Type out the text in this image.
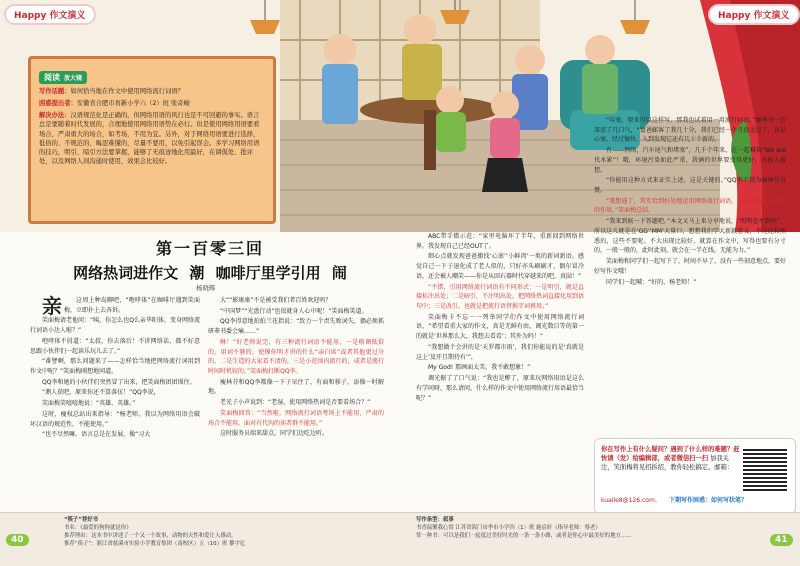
Happy 作文演义	Happy 作文演义
阅读 放大镜

写作话题：如何恰当地在作文中使用网络流行词语？

困惑提出者：安徽省合肥市育新小学六（2）班 张奇峻

解决办法：汉语规范化是正确的，但网络用语的风行也是不可回避的事实。语言总是要随着时代发展的，合理地使用网络用语势在必行。但是使用网络用语要看场合，严肃重大的场合，如考场，不用为宜。另外，对于网络用语要进行选择，低俗的、不规范的、晦涩难懂的，尽量不要用，以免引起误会。多学习网络用语的技巧，明引、暗引方法要掌握，能够了无痕迹地化用最好，在调侃处、批评处，以及网络人间沟通时使用，效果会比较好。

第一百零三回
网络热词进作文 潮 咖啡厅里学引用 闹
杨晓辉

亲 这周上种岛聊吧，“咆哮体”在咖啡厅遇到笑面梅，立即扑上去各诉。

笑面梅请老他问：“咦，你怎么也Q么亲毕阳体，变身网络流行词语小达人啦？”

咆哮体不屑道：“太叔，你去落后！不讲网络话，都不好意思跟小伙伴们一起读乐玩儿去了。”

“番譬啊，那么问题来了——怎样恰当地把网络流行词用到作文中呢？”笑面梅刚想地问道。

QQ李和她的小伙伴们突然冒了出来，把笑面梅团团围住。

“测人获吧，原来你还不算落伍！”QQ李说，

笑面梅笑嘻嘻地说：“英雄，英雄。”

这时，瘦权总站出来指导：“杨老师，我以为网络用语会破坏汉语的规范性，不能使用。”

“也不尽然嘛。语言总是在发展，像“习大

大”“影康康”不是被受我们者百姓欢迎吗？

“中国梦”“光盘行动”也很就身人心中呢！”笑面梅笑道。

QQ李得意地拍拍兰花指说：“致力一个责失败词失，偶必须抓研辈书委会痛……”

咻！”好老师说完，有三种流行词语不能用，一是格调低俗的，用词不够的，使撑你明才讲的什么“亲白席”或者其他更过分的，二是生造的大家看不清的，三是小范围内流行的，或者是流行时间时机较的。”笑面梅打断QQ李。

瘦林芬和QQ李都像一下子呆住了，有面和移子，添像一时解地。

老光子小声说到：“老湿，使用网络热词是否要看场合？”

笑面梅回答：“当然啦。网络流行词语考场上不能用，严肃的场合不能用，面对有代沟的读者群不能用。”

这时服务员端来甜点，同学们边吃边听。

ABC带手微示范：“家里电脑坏了半年，重新回到网络世界，我发现自己已经OUT了。

细心点就发现爸爸搬找‘心塞’‘小鲜肉’一类的新词新语。感觉自己一下子退化成了老人似的，只好亦头刷刷才，偶尔冒冷语，还会被人嘲笑——你是从回石器时代穿越来的吧，真囧！”

“不错，引用网络流行词语有不同形式：一是明引，就是直接标注出处；二是暗引，不注明出处，把网络热词直接化用到语句中；三是改引，也就是把流行语替换字词再用。”

笑面梅卡不忘一一列举同学们作文中使用网络流行词语，“希望看重大家的作文，真是无鲜有由，调光数目等的第一的就是‘世界那么大，我想去看看’；其外为吗！”

“我想做个会讲的是‘天罗都市雨’，我们你能说的是‘真就是这上’及开且期待有’”，

My God! 那画面太美，我不敢想象！”

调光振了了口气说：“我也是醉了，原来玩网络用语是这么有学问呀，那么请问，什么样的作文中使用网络流行用语最恰当呢？”

“哇塞，原来可以这样写，那我也试着用一用流行词语。”瘦林芬一边深思了几口气，“富爸邮客了我几十分，我们已经一个月没见过了，真是心塞。经过愉快，入到发现它还有几十个新的。

有——网络，汽车尾气和堵塞”，几千个年来，在一起喊着“We are 伐木累”！哦，环境污染如此严重，我俩的世界要变得更好，为他人着想。

“你能用这种方式来证实上述，这是关键的。”QQ李不禁为瘦林芬点赞。

“我想通了，其实恰到好处地运用网络流行词语，可以起到画龙点睛的作用。”笑面梅总结。

“我来到候一下答题吧。”本文又马上来分享地说，“明明也不到位”，所以这儿就是在‘GG’‘MM’大量口，想想我们学大新就意义，不过比较熟悉的，这些不要呢。不大出现比较好，就算在作文中，写得也要有分寸的，一般一般的，此时此刻，就会在一半在线，无能为力。”

笑面梅和同学们一起写下了，时间不早了，没有一些刻意地点，要好好写作文哦！

同学们一起喊：“好的，杨老师！”

你在写作上有什么疑问？遇到了什么样的难题？赶快请（发）给编辑部，或者微信扫一扫 加我关注，笑面梅将见招拆招，教你轻松搞定。邮箱：
kuaile8@126.com。 下期写作困惑：如何写状笔？
“筷子”荐好书
书名：《最爱的狗狗就是你》
推荐理由：这本书中讲述了一个又一个故事，动物的天性和爱让人感动。
推荐“筷子”：浙江省慈溪市实验小学教育集团（南校区）五（10）班 黎宇亿
40
写作条型：叙事
书香温馨我心窝 江苏省海门市李市小学四（1）班 施宸轩（指导老师：蔡老）
常一种书：可以是我们一起度过美好时光的一条一条小路，或者是你心中最美好的地方……	41
